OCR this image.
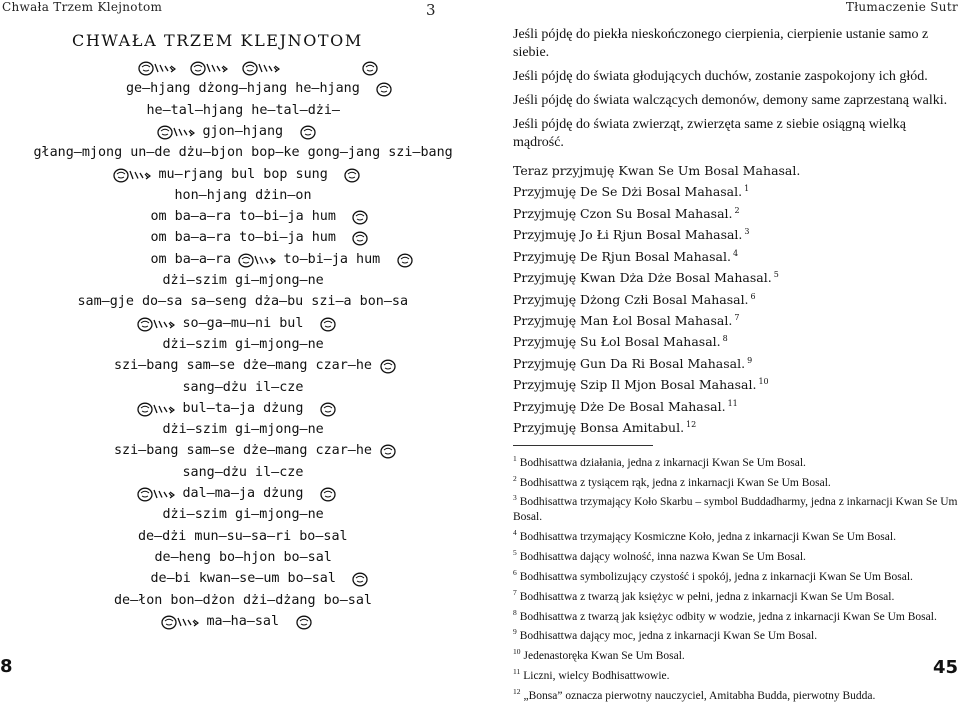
Chwała Trzem Klejnotom	3	Tłumaczenie Sutr
CHWAŁA TRZEM KLEJNOTOM
ge—hjang dżong—hjang he—hjang
he—tal—hjang he—tal—dżi—
gjon—hjang
głang—mjong un—de dżu—bjon bop—ke gong—jang szi—bang
mu—rjang bul bop sung
hon—hjang dżin—on
om ba—a—ra to—bi—ja hum
om ba—a—ra to—bi—ja hum
om ba—a—ra	to—bi—ja hum
dżi—szim gi—mjong—ne
sam—gje do—sa sa—seng dża—bu szi—a bon—sa
so—ga—mu—ni bul
dżi—szim gi—mjong—ne
szi—bang sam—se dże—mang czar—he
sang—dżu il—cze
bul—ta—ja dżung
dżi—szim gi—mjong—ne
szi—bang sam—se dże—mang czar—he
sang—dżu il—cze
dal—ma—ja dżung
dżi—szim gi—mjong—ne
de—dżi mun—su—sa—ri bo—sal
de—heng bo—hjon bo—sal
de—bi kwan—se—um bo—sal
de—łon bon—dżon dżi—dżang bo—sal
ma—ha—sal
8

Jeśli pójdę do piekła nieskończonego cierpienia, cierpienie ustanie samo z siebie.

Jeśli pójdę do świata głodujących duchów, zostanie zaspokojony ich głód.

Jeśli pójdę do świata walczących demonów, demony same zaprzestaną walki.

Jeśli pójdę do świata zwierząt, zwierzęta same z siebie osiągną wielką mądrość.

Teraz przyjmuję Kwan Se Um Bosal Mahasal.
Przyjmuję De Se Dżi Bosal Mahasal. $^1$
Przyjmuję Czon Su Bosal Mahasal. $^2$
Przyjmuję Jo Łi Rjun Bosal Mahasal. $^3$
Przyjmuję De Rjun Bosal Mahasal. $^4$
Przyjmuję Kwan Dża Dże Bosal Mahasal. $^5$
Przyjmuję Dżong Człi Bosal Mahasal. $^6$
Przyjmuję Man Łol Bosal Mahasal. $^7$
Przyjmuję Su Łol Bosal Mahasal. $^8$
Przyjmuję Gun Da Ri Bosal Mahasal. $^9$
Przyjmuję Szip Il Mjon Bosal Mahasal. $^{10}$
Przyjmuję Dże De Bosal Mahasal. $^{11}$
Przyjmuję Bonsa Amitabul. $^{12}$
$^1$ Bodhisattwa działania, jedna z inkarnacji Kwan Se Um Bosal.
$^2$ Bodhisattwa z tysiącem rąk, jedna z inkarnacji Kwan Se Um Bosal.
$^3$ Bodhisattwa trzymający Koło Skarbu – symbol Buddadharmy, jedna z inkarnacji Kwan Se Um Bosal.
$^4$ Bodhisattwa trzymający Kosmiczne Koło, jedna z inkarnacji Kwan Se Um Bosal.
$^5$ Bodhisattwa dający wolność, inna nazwa Kwan Se Um Bosal.
$^6$ Bodhisattwa symbolizujący czystość i spokój, jedna z inkarnacji Kwan Se Um Bosal.
$^7$ Bodhisattwa z twarzą jak księżyc w pełni, jedna z inkarnacji Kwan Se Um Bosal.
$^8$ Bodhisattwa z twarzą jak księżyc odbity w wodzie, jedna z inkarnacji Kwan Se Um Bosal.
$^9$ Bodhisattwa dający moc, jedna z inkarnacji Kwan Se Um Bosal.
$^{10}$ Jedenastoręka Kwan Se Um Bosal.
$^{11}$ Liczni, wielcy Bodhisattwowie.
$^{12}$ „Bonsa” oznacza pierwotny nauczyciel, Amitabha Budda, pierwotny Budda.
45
